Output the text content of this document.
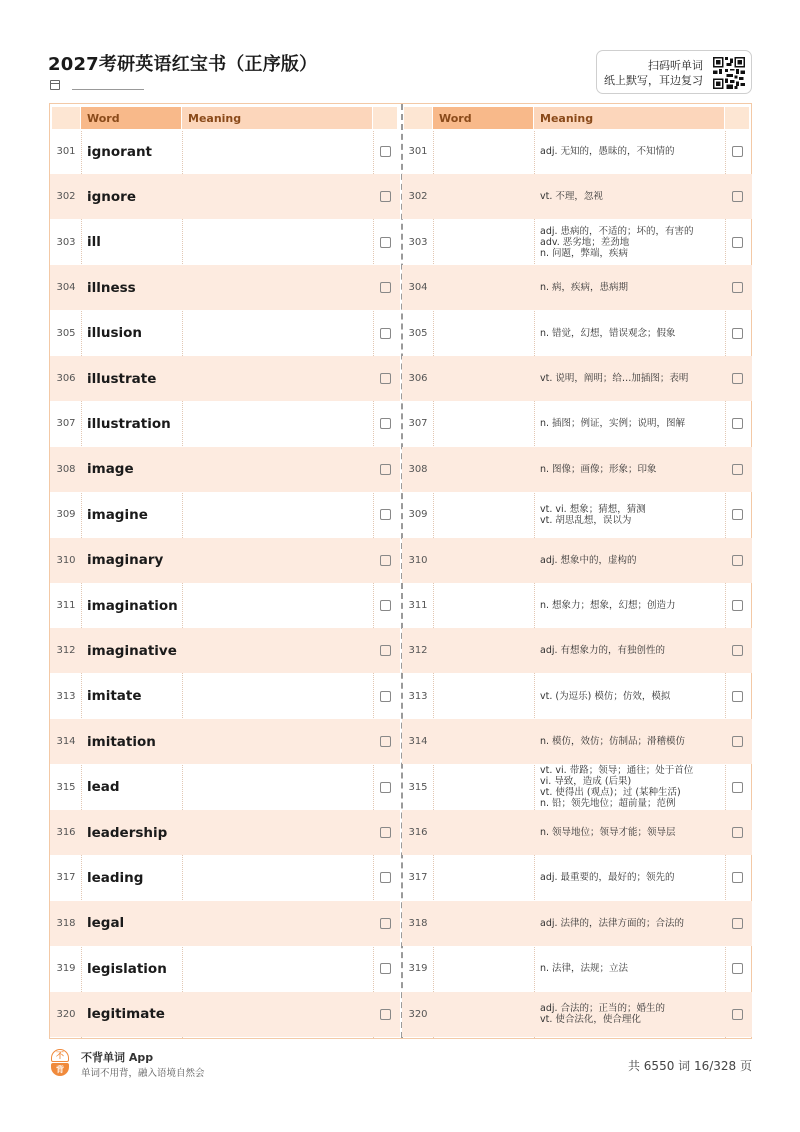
2027考研英语红宝书（正序版）	扫码听单词
纸上默写，耳边复习
Word	Meaning
301 ignorant
302 ignore
303 ill
304 illness
305 illusion
306 illustrate
307 illustration
308 image
309 imagine
310 imaginary
311 imagination
312 imaginative
313 imitate
314 imitation
315 lead
316 leadership
317 leading
318 legal
319 legislation
320 legitimate
Word	Meaning
301	adj. 无知的，愚昧的，不知情的
302	vt. 不理，忽视
303
adj. 患病的，不适的；坏的，有害的
adv. 恶劣地；差劲地
n. 问题，弊端，疾病
304	n. 病，疾病，患病期
305	n. 错觉，幻想，错误观念；假象
306	vt. 说明，阐明；给…加插图；表明
307	n. 插图；例证，实例；说明，图解
308	n. 图像；画像；形象；印象
309	vt. vi. 想象；猜想，猜测
vt. 胡思乱想，误以为
310	adj. 想象中的，虚构的
311	n. 想象力；想象，幻想；创造力
312	adj. 有想象力的，有独创性的
313	vt. (为逗乐) 模仿；仿效，模拟
314	n. 模仿，效仿；仿制品；滑稽模仿
315
vt. vi. 带路；领导；通往；处于首位
vi. 导致，造成 (后果)
vt. 使得出 (观点)；过 (某种生活)
n. 铅；领先地位；超前量；范例
316	n. 领导地位；领导才能；领导层
317	adj. 最重要的，最好的；领先的
318	adj. 法律的，法律方面的；合法的
319	n. 法律，法规；立法
320	adj. 合法的；正当的；婚生的
vt. 使合法化，使合理化
不
背
不背单词 App
单词不用背，融入语境自然会
共 6550 词 16/328 页
